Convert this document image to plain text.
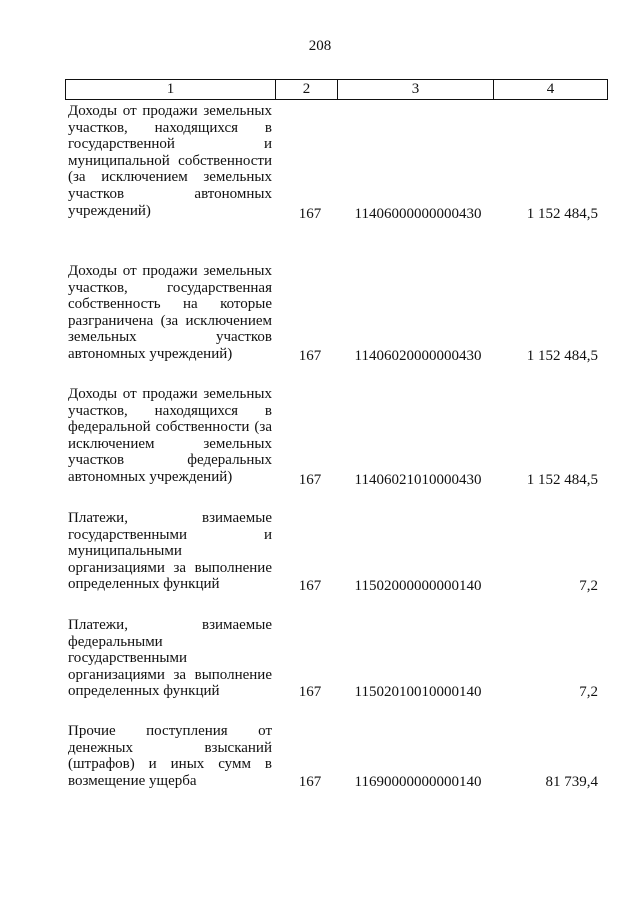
208
1	2	3	4
Доходы от продажи земельных участков, находящихся в государственной и муниципальной собственности (за исключением земельных участков автономных учреждений)	167	11406000000000430	1 152 484,5
Доходы от продажи земельных участков, государственная собственность на которые разграничена (за исключением земельных участков автономных учреждений)	167	11406020000000430	1 152 484,5
Доходы от продажи земельных участков, находящихся в федеральной собственности (за исключением земельных участков федеральных автономных учреждений)	167	11406021010000430	1 152 484,5
Платежи, взимаемые государственными и муниципальными организациями за выполнение определенных функций	167	11502000000000140	7,2
Платежи, взимаемые федеральными государственными организациями за выполнение определенных функций	167	11502010010000140	7,2
Прочие поступления от денежных взысканий (штрафов) и иных сумм в возмещение ущерба	167	11690000000000140	81 739,4
